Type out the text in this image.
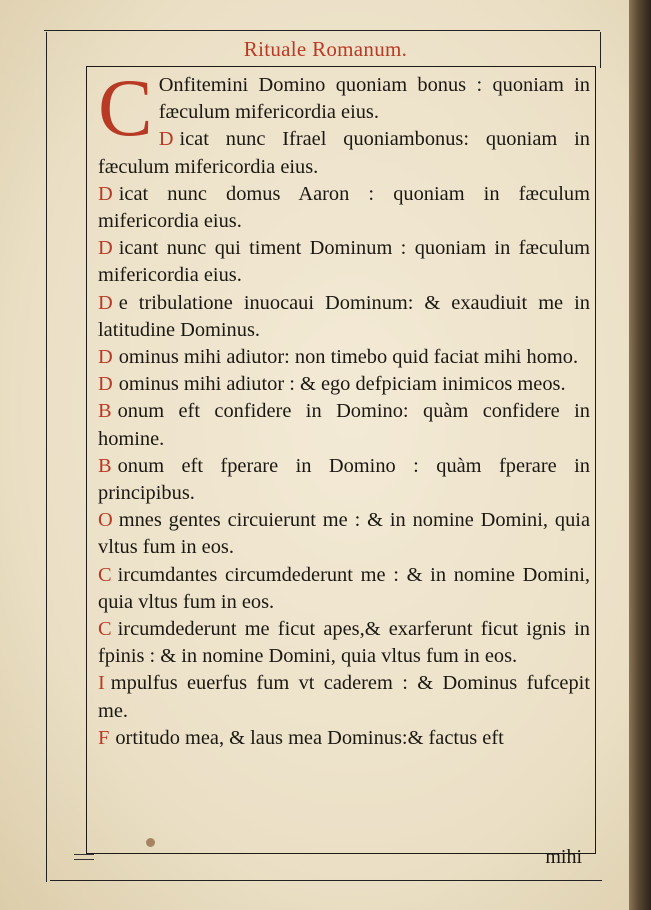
Rituale Romanum.
C Onfitemini Domino quoniam bonus : quoniam in fæculum mifericordia eius.
D icat nunc Ifrael quoniambonus: quoniam in fæculum mifericordia eius.
D icat nunc domus Aaron : quoniam in fæculum mifericordia eius.
D icant nunc qui timent Dominum : quoniam in fæculum mifericordia eius.
D e tribulatione inuocaui Dominum: & exaudiuit me in latitudine Dominus.
D ominus mihi adiutor: non timebo quid faciat mihi homo.
D ominus mihi adiutor : & ego defpiciam inimicos meos.
B onum eft confidere in Domino: quàm confidere in homine.
B onum eft fperare in Domino : quàm fperare in principibus.
O mnes gentes circuierunt me : & in nomine Domini, quia vltus fum in eos.
C ircumdantes circumdederunt me : & in nomine Domini, quia vltus fum in eos.
C ircumdederunt me ficut apes,& exarferunt ficut ignis in fpinis : & in nomine Domini, quia vltus fum in eos.
I mpulfus euerfus fum vt caderem : & Dominus fufcepit me.
F ortitudo mea, & laus mea Dominus:& factus eft
mihi
